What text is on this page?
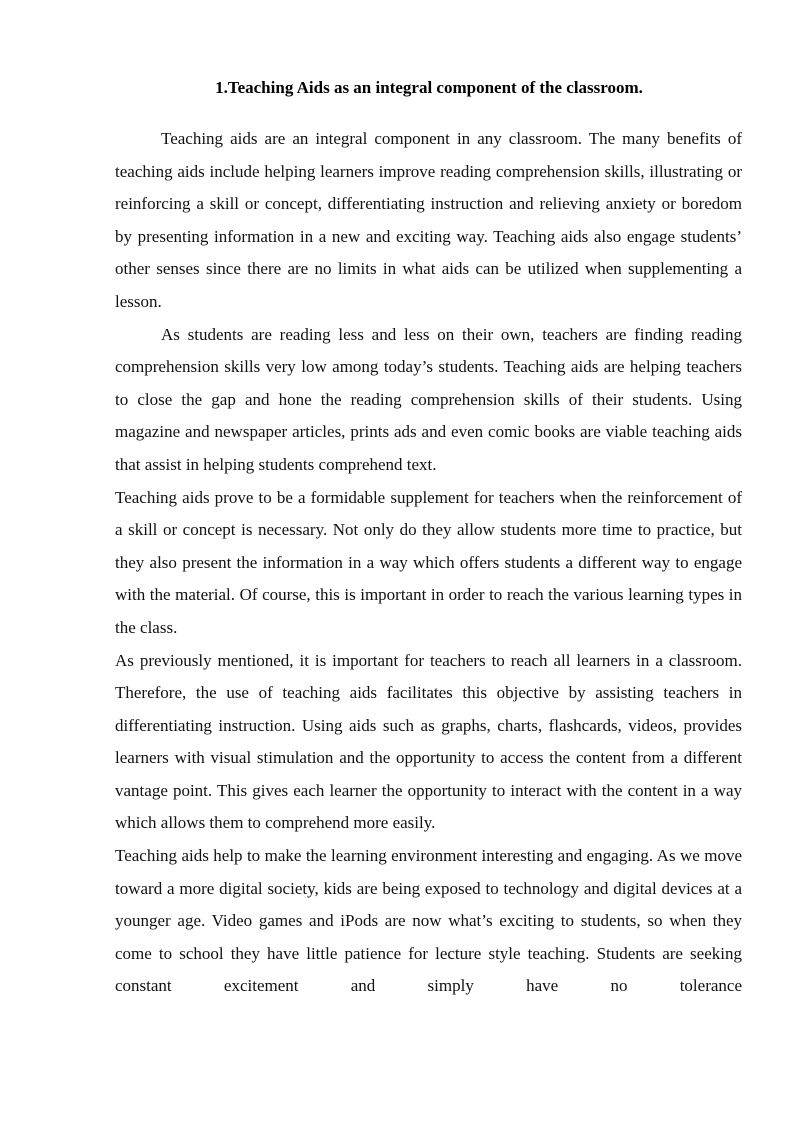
1.Teaching Aids as an integral component of the classroom.

Teaching aids are an integral component in any classroom. The many benefits of teaching aids include helping learners improve reading comprehension skills, illustrating or reinforcing a skill or concept, differentiating instruction and relieving anxiety or boredom by presenting information in a new and exciting way. Teaching aids also engage students’ other senses since there are no limits in what aids can be utilized when supplementing a lesson.

As students are reading less and less on their own, teachers are finding reading comprehension skills very low among today’s students. Teaching aids are helping teachers to close the gap and hone the reading comprehension skills of their students. Using magazine and newspaper articles, prints ads and even comic books are viable teaching aids that assist in helping students comprehend text.

Teaching aids prove to be a formidable supplement for teachers when the reinforcement of a skill or concept is necessary. Not only do they allow students more time to practice, but they also present the information in a way which offers students a different way to engage with the material. Of course, this is important in order to reach the various learning types in the class.

As previously mentioned, it is important for teachers to reach all learners in a classroom. Therefore, the use of teaching aids facilitates this objective by assisting teachers in differentiating instruction. Using aids such as graphs, charts, flashcards, videos, provides learners with visual stimulation and the opportunity to access the content from a different vantage point. This gives each learner the opportunity to interact with the content in a way which allows them to comprehend more easily.

Teaching aids help to make the learning environment interesting and engaging. As we move toward a more digital society, kids are being exposed to technology and digital devices at a younger age. Video games and iPods are now what’s exciting to students, so when they come to school they have little patience for lecture style teaching. Students are seeking constant excitement and simply have no tolerance
